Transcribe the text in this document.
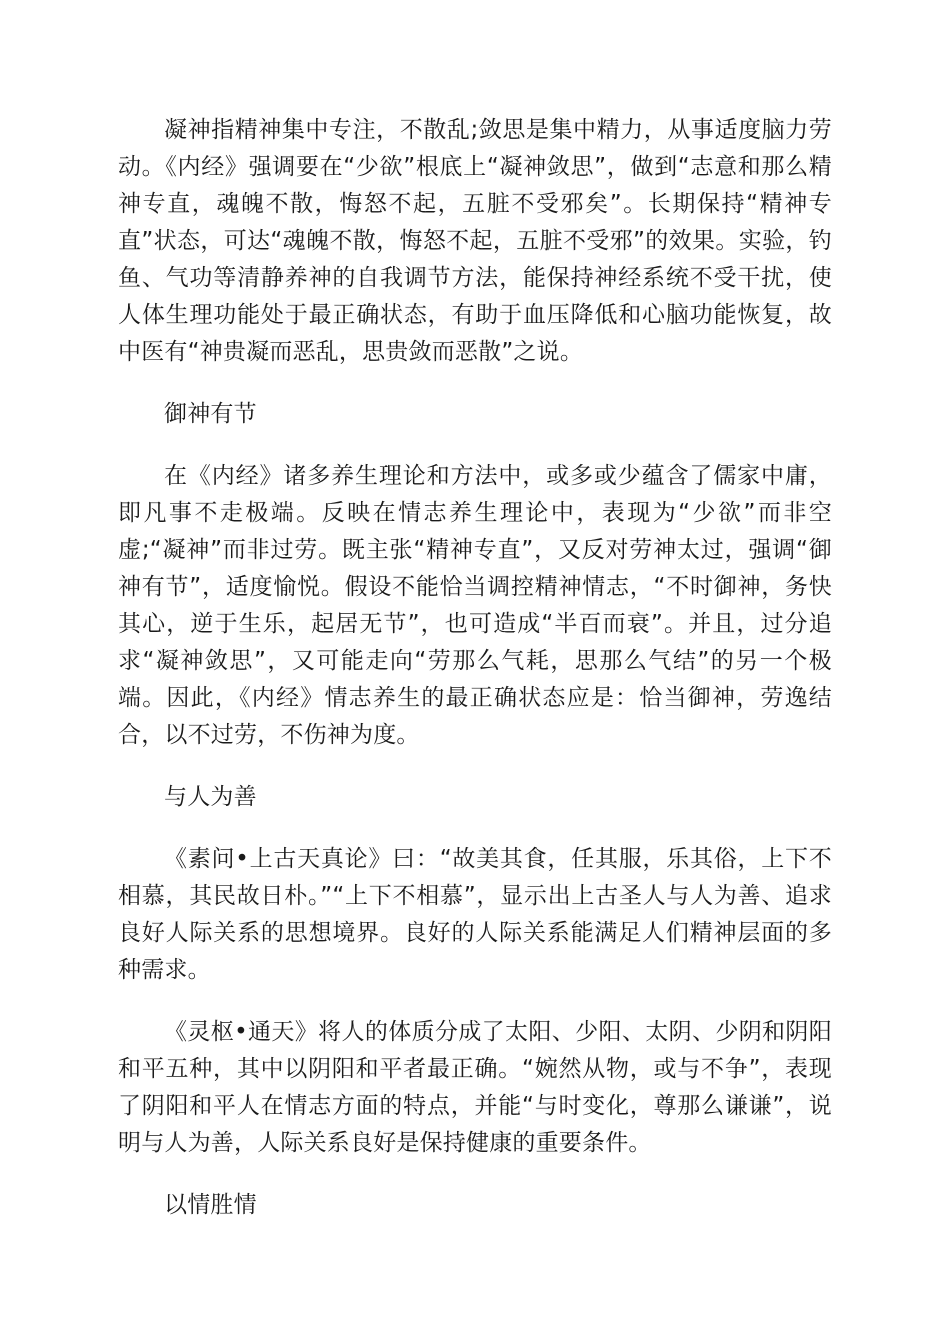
凝神指精神集中专注，不散乱;敛思是集中精力，从事适度脑力劳动。《内经》强调要在“少欲”根底上“凝神敛思”，做到“志意和那么精神专直，魂魄不散，悔怒不起，五脏不受邪矣”。长期保持“精神专直”状态，可达“魂魄不散，悔怒不起，五脏不受邪”的效果。实验，钓鱼、气功等清静养神的自我调节方法，能保持神经系统不受干扰，使人体生理功能处于最正确状态，有助于血压降低和心脑功能恢复，故中医有“神贵凝而恶乱，思贵敛而恶散”之说。

御神有节

在《内经》诸多养生理论和方法中，或多或少蕴含了儒家中庸，即凡事不走极端。反映在情志养生理论中，表现为“少欲”而非空虚;“凝神”而非过劳。既主张“精神专直”，又反对劳神太过，强调“御神有节”，适度愉悦。假设不能恰当调控精神情志，“不时御神，务快其心，逆于生乐，起居无节”，也可造成“半百而衰”。并且，过分追求“凝神敛思”，又可能走向“劳那么气耗，思那么气结”的另一个极端。因此，《内经》情志养生的最正确状态应是：恰当御神，劳逸结合，以不过劳，不伤神为度。

与人为善

《素问•上古天真论》曰：“故美其食，任其服，乐其俗，上下不相慕，其民故日朴。”“上下不相慕”，显示出上古圣人与人为善、追求良好人际关系的思想境界。良好的人际关系能满足人们精神层面的多种需求。

《灵枢•通天》将人的体质分成了太阳、少阳、太阴、少阴和阴阳和平五种，其中以阴阳和平者最正确。“婉然从物，或与不争”，表现了阴阳和平人在情志方面的特点，并能“与时变化，尊那么谦谦”，说明与人为善，人际关系良好是保持健康的重要条件。

以情胜情
